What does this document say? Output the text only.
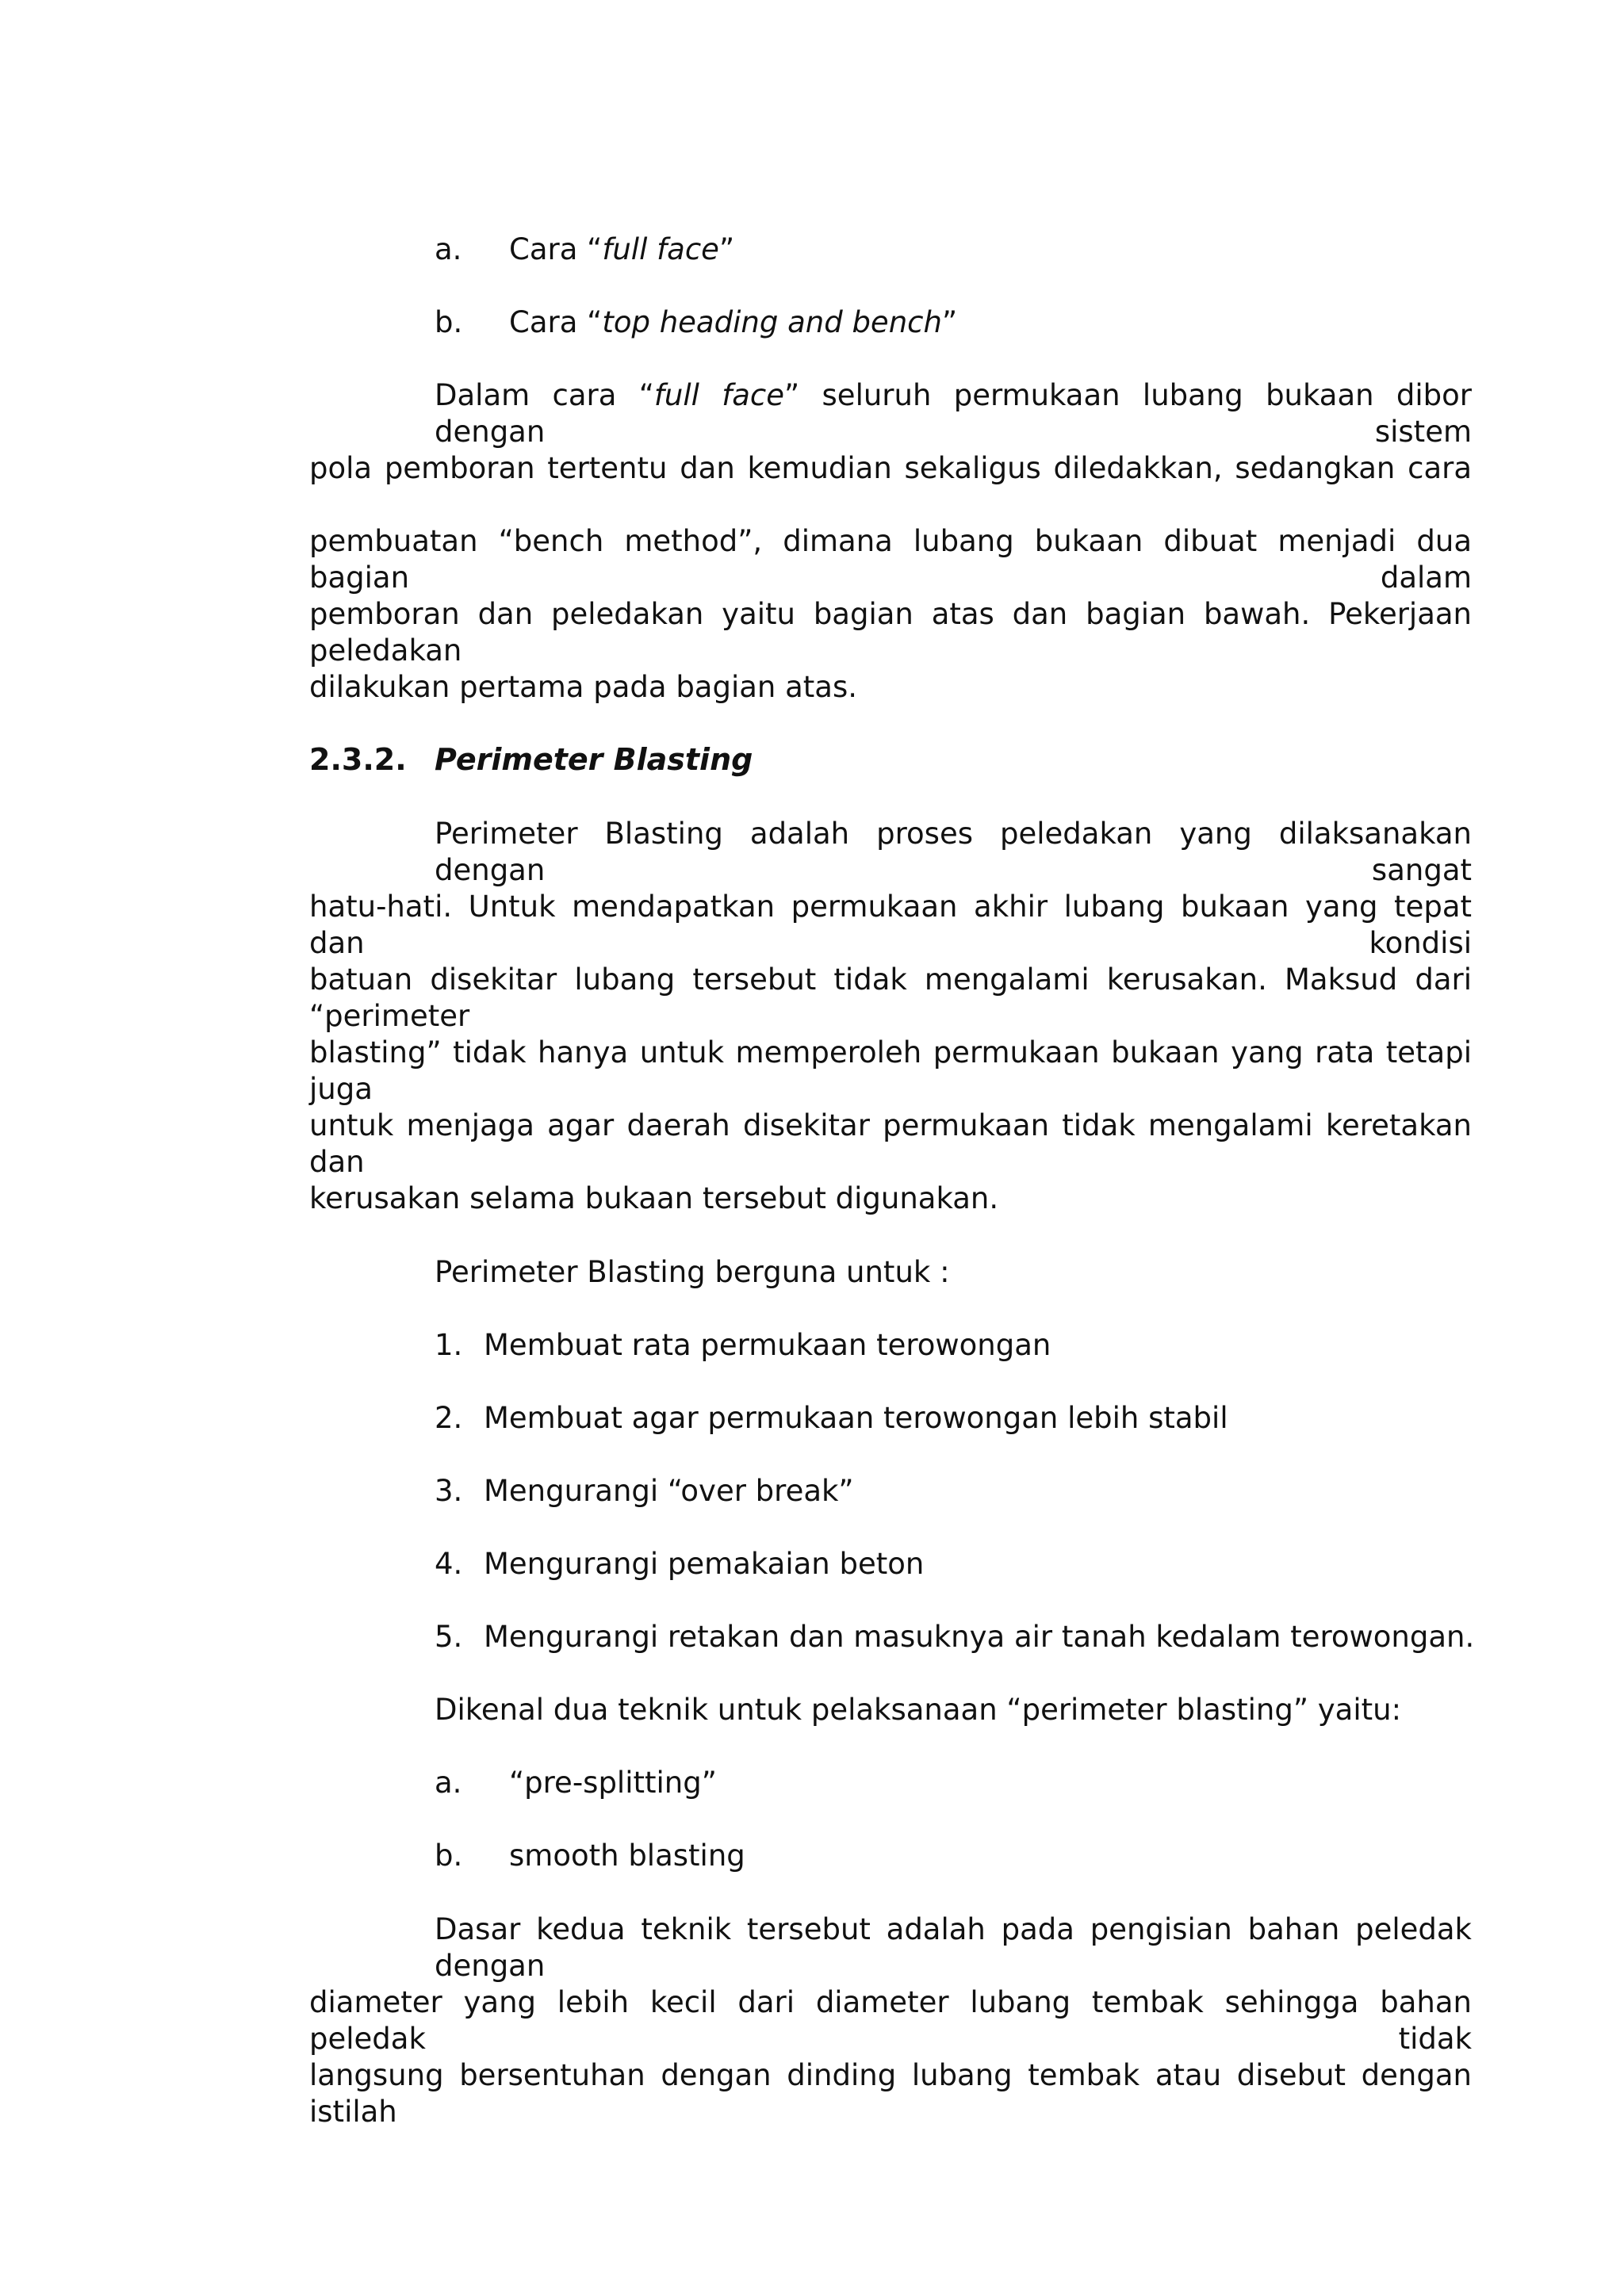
a. Cara “full face”
b. Cara “top heading and bench”
Dalam cara “full face” seluruh permukaan lubang bukaan dibor dengan sistem
pola pemboran tertentu dan kemudian sekaligus diledakkan, sedangkan cara
pembuatan “bench method”, dimana lubang bukaan dibuat menjadi dua bagian dalam
pemboran dan peledakan yaitu bagian atas dan bagian bawah. Pekerjaan peledakan
dilakukan pertama pada bagian atas.
2.3.2. Perimeter Blasting
Perimeter Blasting adalah proses peledakan yang dilaksanakan dengan sangat
hatu-hati. Untuk mendapatkan permukaan akhir lubang bukaan yang tepat dan kondisi
batuan disekitar lubang tersebut tidak mengalami kerusakan. Maksud dari “perimeter
blasting” tidak hanya untuk memperoleh permukaan bukaan yang rata tetapi juga
untuk menjaga agar daerah disekitar permukaan tidak mengalami keretakan dan
kerusakan selama bukaan tersebut digunakan.
Perimeter Blasting berguna untuk :
1. Membuat rata permukaan terowongan
2. Membuat agar permukaan terowongan lebih stabil
3. Mengurangi “over break”
4. Mengurangi pemakaian beton
5. Mengurangi retakan dan masuknya air tanah kedalam terowongan.
Dikenal dua teknik untuk pelaksanaan “perimeter blasting” yaitu:
a. “pre-splitting”
b. smooth blasting
Dasar kedua teknik tersebut adalah pada pengisian bahan peledak dengan
diameter yang lebih kecil dari diameter lubang tembak sehingga bahan peledak tidak
langsung bersentuhan dengan dinding lubang tembak atau disebut dengan istilah
